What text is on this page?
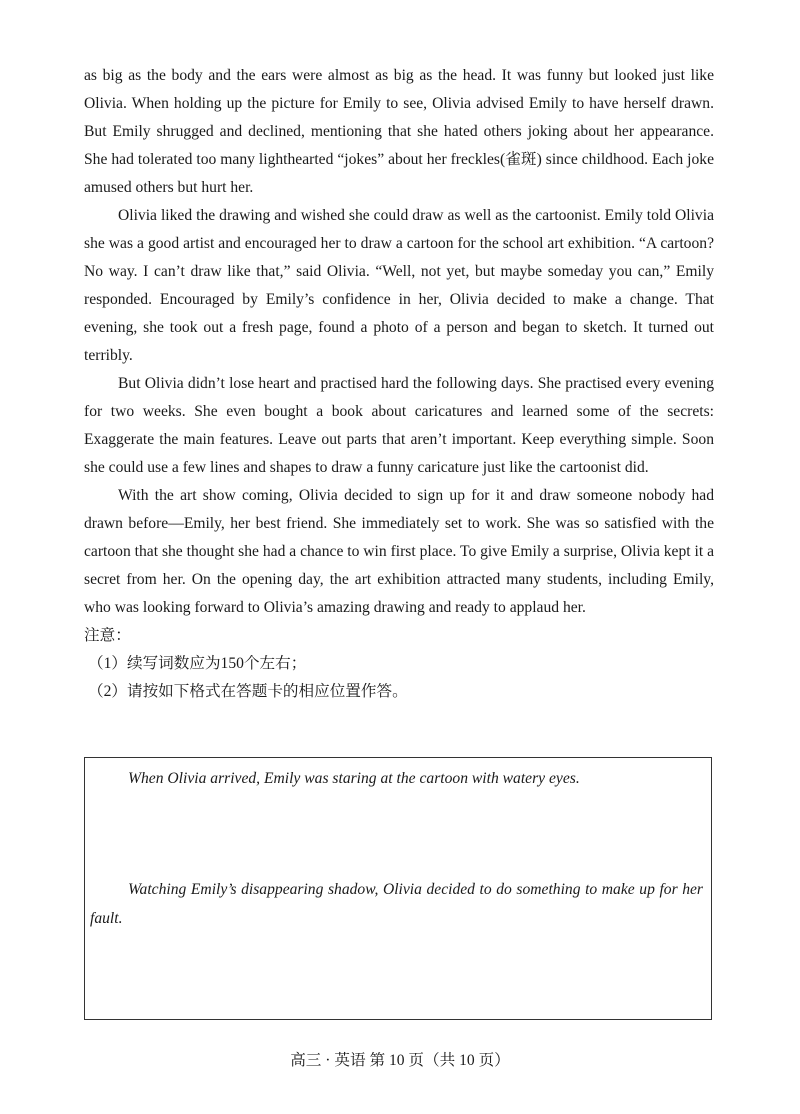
as big as the body and the ears were almost as big as the head. It was funny but looked just like Olivia. When holding up the picture for Emily to see, Olivia advised Emily to have herself drawn. But Emily shrugged and declined, mentioning that she hated others joking about her appearance. She had tolerated too many lighthearted “jokes” about her freckles(雀斑) since childhood. Each joke amused others but hurt her.

Olivia liked the drawing and wished she could draw as well as the cartoonist. Emily told Olivia she was a good artist and encouraged her to draw a cartoon for the school art exhibition. “A cartoon? No way. I can’t draw like that,” said Olivia. “Well, not yet, but maybe someday you can,” Emily responded. Encouraged by Emily’s confidence in her, Olivia decided to make a change. That evening, she took out a fresh page, found a photo of a person and began to sketch. It turned out terribly.

But Olivia didn’t lose heart and practised hard the following days. She practised every evening for two weeks. She even bought a book about caricatures and learned some of the secrets: Exaggerate the main features. Leave out parts that aren’t important. Keep everything simple. Soon she could use a few lines and shapes to draw a funny caricature just like the cartoonist did.

With the art show coming, Olivia decided to sign up for it and draw someone nobody had drawn before—Emily, her best friend. She immediately set to work. She was so satisfied with the cartoon that she thought she had a chance to win first place. To give Emily a surprise, Olivia kept it a secret from her. On the opening day, the art exhibition attracted many students, including Emily, who was looking forward to Olivia’s amazing drawing and ready to applaud her.

注意：

（1）续写词数应为150个左右；

（2）请按如下格式在答题卡的相应位置作答。

When Olivia arrived, Emily was staring at the cartoon with watery eyes.

Watching Emily’s disappearing shadow, Olivia decided to do something to make up for her fault.

高三 · 英语 第 10 页（共 10 页）
